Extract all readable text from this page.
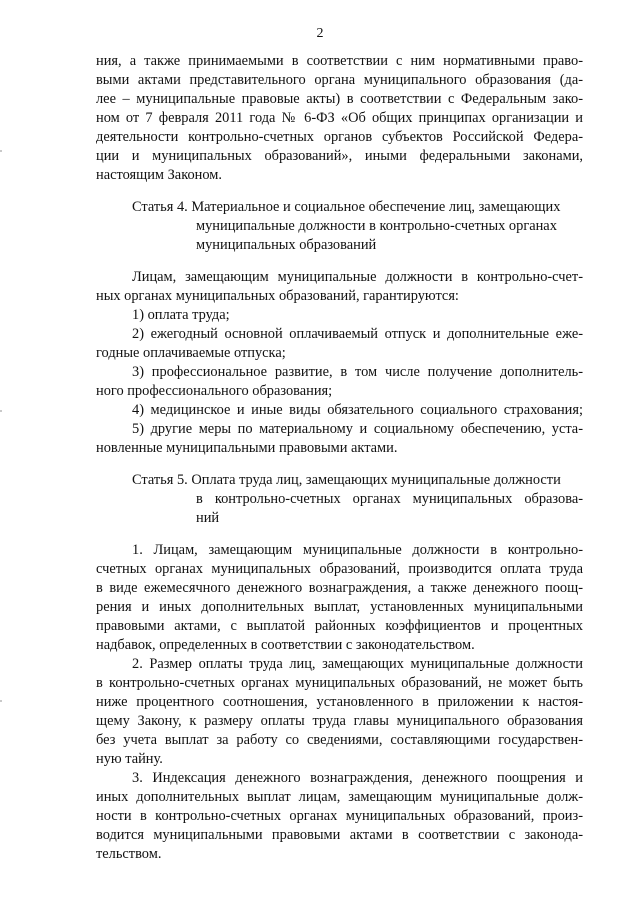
2
ния, а также принимаемыми в соответствии с ним нормативными право-
выми актами представительного органа муниципального образования (да-
лее – муниципальные правовые акты) в соответствии с Федеральным зако-
ном от 7 февраля 2011 года № 6-ФЗ «Об общих принципах организации и
деятельности контрольно-счетных органов субъектов Российской Федера-
ции и муниципальных образований», иными федеральными законами,
настоящим Законом.
Статья 4. Материальное и социальное обеспечение лиц, замещающих
муниципальные должности в контрольно-счетных органах
муниципальных образований
Лицам, замещающим муниципальные должности в контрольно-счет-
ных органах муниципальных образований, гарантируются:
1) оплата труда;
2) ежегодный основной оплачиваемый отпуск и дополнительные еже-
годные оплачиваемые отпуска;
3) профессиональное развитие, в том числе получение дополнитель-
ного профессионального образования;
4) медицинское и иные виды обязательного социального страхования;
5) другие меры по материальному и социальному обеспечению, уста-
новленные муниципальными правовыми актами.
Статья 5. Оплата труда лиц, замещающих муниципальные должности
в контрольно-счетных органах муниципальных образова-
ний
1. Лицам, замещающим муниципальные должности в контрольно-
счетных органах муниципальных образований, производится оплата труда
в виде ежемесячного денежного вознаграждения, а также денежного поощ-
рения и иных дополнительных выплат, установленных муниципальными
правовыми актами, с выплатой районных коэффициентов и процентных
надбавок, определенных в соответствии с законодательством.
2. Размер оплаты труда лиц, замещающих муниципальные должности
в контрольно-счетных органах муниципальных образований, не может быть
ниже процентного соотношения, установленного в приложении к настоя-
щему Закону, к размеру оплаты труда главы муниципального образования
без учета выплат за работу со сведениями, составляющими государствен-
ную тайну.
3. Индексация денежного вознаграждения, денежного поощрения и
иных дополнительных выплат лицам, замещающим муниципальные долж-
ности в контрольно-счетных органах муниципальных образований, произ-
водится муниципальными правовыми актами в соответствии с законода-
тельством.
